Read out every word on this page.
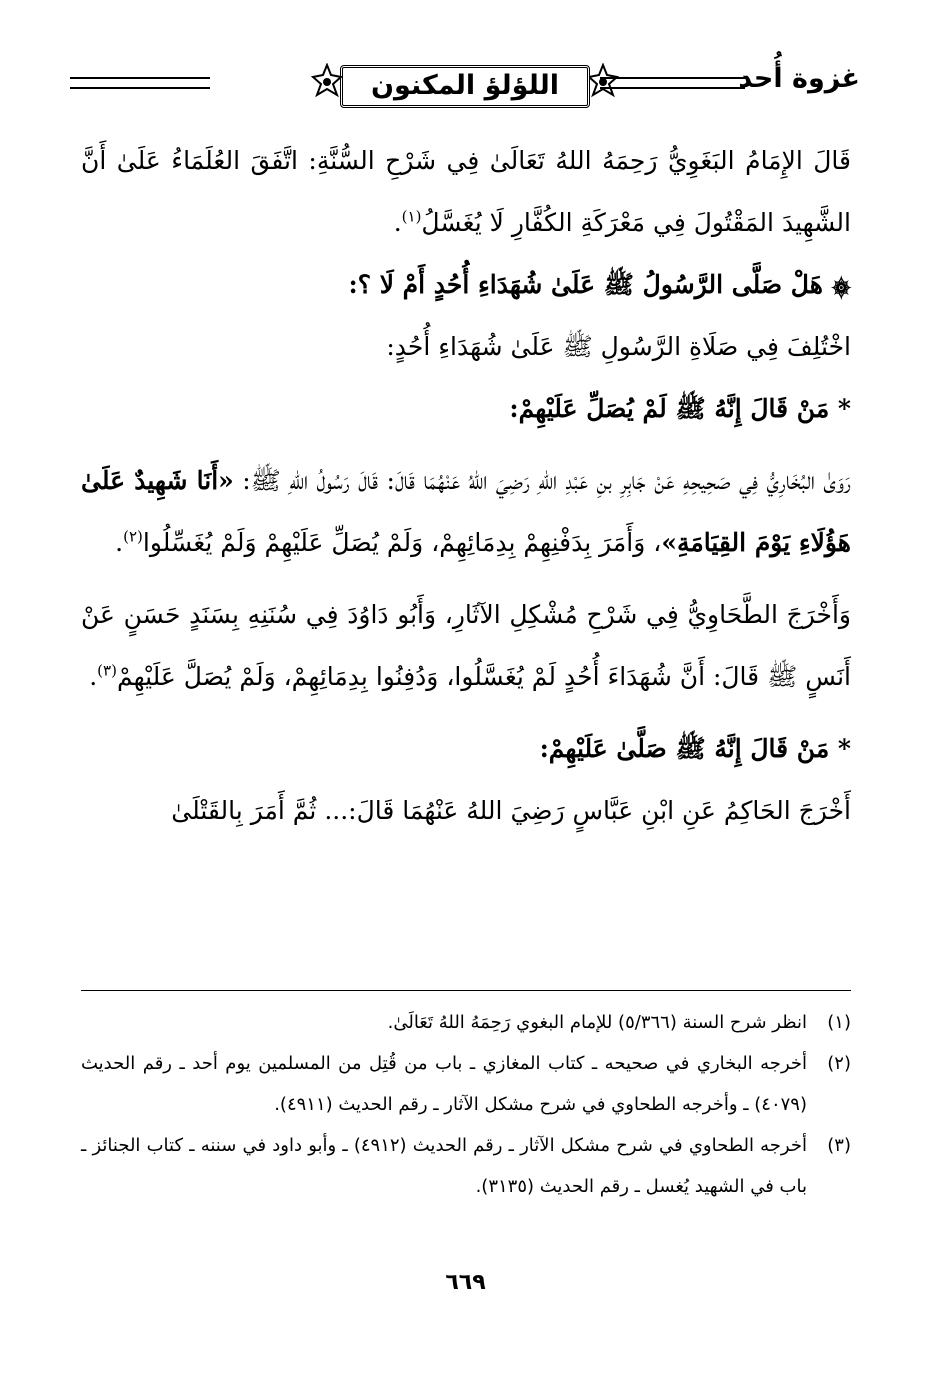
غزوة أُحد
اللؤلؤ المكنون

قَالَ الإِمَامُ البَغَوِيُّ رَحِمَهُ اللهُ تَعَالَىٰ فِي شَرْحِ السُّنَّةِ: اتَّفَقَ العُلَمَاءُ عَلَىٰ أَنَّ الشَّهِيدَ المَقْتُولَ فِي مَعْرَكَةِ الكُفَّارِ لَا يُغَسَّلُ$^{(١)}$.

۞ هَلْ صَلَّى الرَّسُولُ ﷺ عَلَىٰ شُهَدَاءِ أُحُدٍ أَمْ لَا ؟:

اخْتُلِفَ فِي صَلَاةِ الرَّسُولِ ﷺ عَلَىٰ شُهَدَاءِ أُحُدٍ:

* مَنْ قَالَ إِنَّهُ ﷺ لَمْ يُصَلِّ عَلَيْهِمْ:

رَوَىٰ البُخَارِيُّ فِي صَحِيحِهِ عَنْ جَابِرِ بنِ عَبْدِ اللهِ رَضِيَ اللهُ عَنْهُمَا قَالَ: قَالَ رَسُولُ اللهِ ﷺ: «أَنَا شَهِيدٌ عَلَىٰ هَؤُلَاءِ يَوْمَ القِيَامَةِ»، وَأَمَرَ بِدَفْنِهِمْ بِدِمَائِهِمْ، وَلَمْ يُصَلِّ عَلَيْهِمْ وَلَمْ يُغَسِّلُوا$^{(٢)}$.

وَأَخْرَجَ الطَّحَاوِيُّ فِي شَرْحِ مُشْكِلِ الآثَارِ، وَأَبُو دَاوُدَ فِي سُنَنِهِ بِسَنَدٍ حَسَنٍ عَنْ أَنَسٍ ﷺ قَالَ: أَنَّ شُهَدَاءَ أُحُدٍ لَمْ يُغَسَّلُوا، وَدُفِنُوا بِدِمَائِهِمْ، وَلَمْ يُصَلَّ عَلَيْهِمْ$^{(٣)}$.

* مَنْ قَالَ إِنَّهُ ﷺ صَلَّىٰ عَلَيْهِمْ:

أَخْرَجَ الحَاكِمُ عَنِ ابْنِ عَبَّاسٍ رَضِيَ اللهُ عَنْهُمَا قَالَ:... ثُمَّ أَمَرَ بِالقَتْلَىٰ

(١)
انظر شرح السنة (٥/٣٦٦) للإمام البغوي رَحِمَهُ اللهُ تَعَالَىٰ.
(٢)
أخرجه البخاري في صحيحه ـ كتاب المغازي ـ باب من قُتِل من المسلمين يوم أحد ـ رقم الحديث (٤٠٧٩) ـ وأخرجه الطحاوي في شرح مشكل الآثار ـ رقم الحديث (٤٩١١).
(٣)
أخرجه الطحاوي في شرح مشكل الآثار ـ رقم الحديث (٤٩١٢) ـ وأبو داود في سننه ـ كتاب الجنائز ـ باب في الشهيد يُغسل ـ رقم الحديث (٣١٣٥).
٦٦٩
